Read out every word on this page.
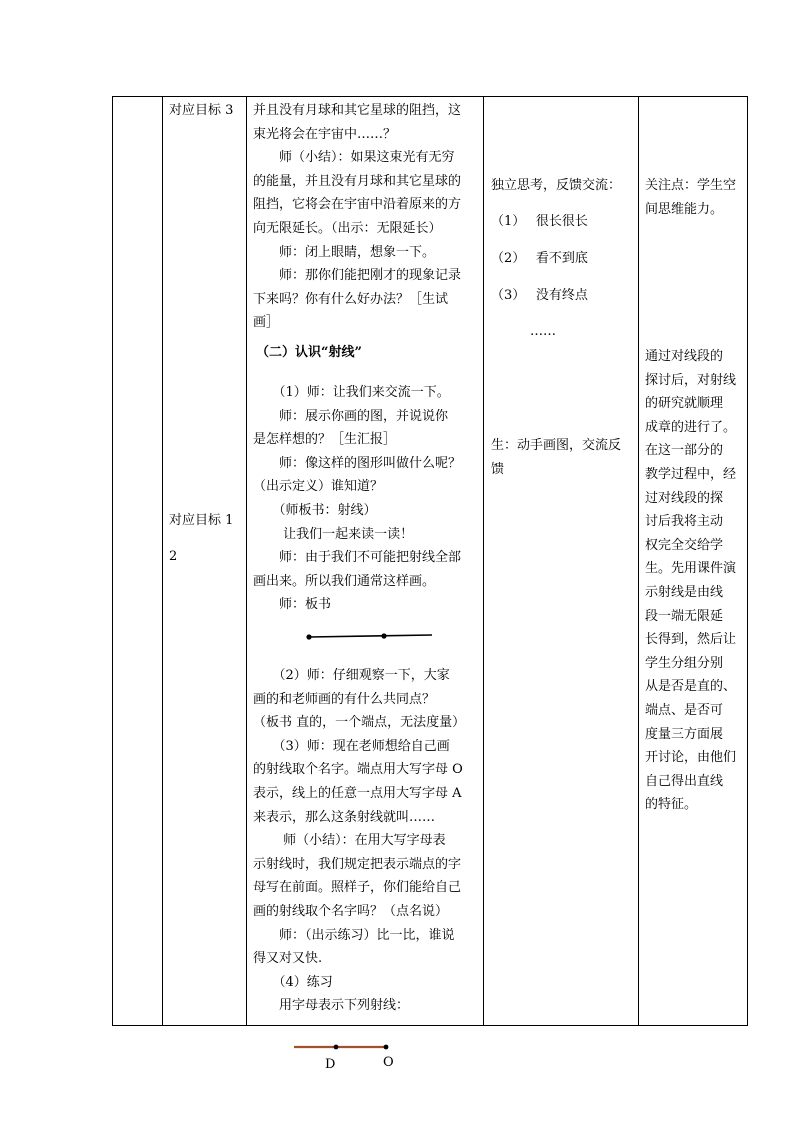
对应目标 3
对应目标 1
2
并且没有月球和其它星球的阻挡，这
束光将会在宇宙中……？
　　师（小结）：如果这束光有无穷
的能量，并且没有月球和其它星球的
阻挡，它将会在宇宙中沿着原来的方
向无限延长。（出示：无限延长）
　　师：闭上眼睛，想象一下。
　　师：那你们能把刚才的现象记录
下来吗？你有什么好办法？［生试
画］
（二）认识“射线”
　　（1）师：让我们来交流一下。
　　师：展示你画的图，并说说你
是怎样想的？［生汇报］
　　师：像这样的图形叫做什么呢？
（出示定义）谁知道？
　　（师板书：射线）
　　 让我们一起来读一读！
　　师：由于我们不可能把射线全部
画出来。所以我们通常这样画。
　　师：板书
　　（2）师：仔细观察一下，大家
画的和老师画的有什么共同点？
（板书 直的，一个端点，无法度量）
　　（3）师：现在老师想给自己画
的射线取个名字。端点用大写字母 O
表示，线上的任意一点用大写字母 A
来表示，那么这条射线就叫……
　　 师（小结）：在用大写字母表
示射线时，我们规定把表示端点的字
母写在前面。照样子，你们能给自己
画的射线取个名字吗？（点名说）
　　师：（出示练习）比一比，谁说
得又对又快.
　　（4）练习
　　用字母表示下列射线：
独立思考，反馈交流：
（1）　 很长很长
（2）　 看不到底
（3）　 没有终点
　　　……
生：动手画图，交流反
馈
关注点：学生空
间思维能力。
通过对线段的
探讨后，对射线
的研究就顺理
成章的进行了。
在这一部分的
教学过程中，经
过对线段的探
讨后我将主动
权完全交给学
生。先用课件演
示射线是由线
段一端无限延
长得到，然后让
学生分组分别
从是否是直的、
端点、是否可
度量三方面展
开讨论，由他们
自己得出直线
的特征。
D	O
